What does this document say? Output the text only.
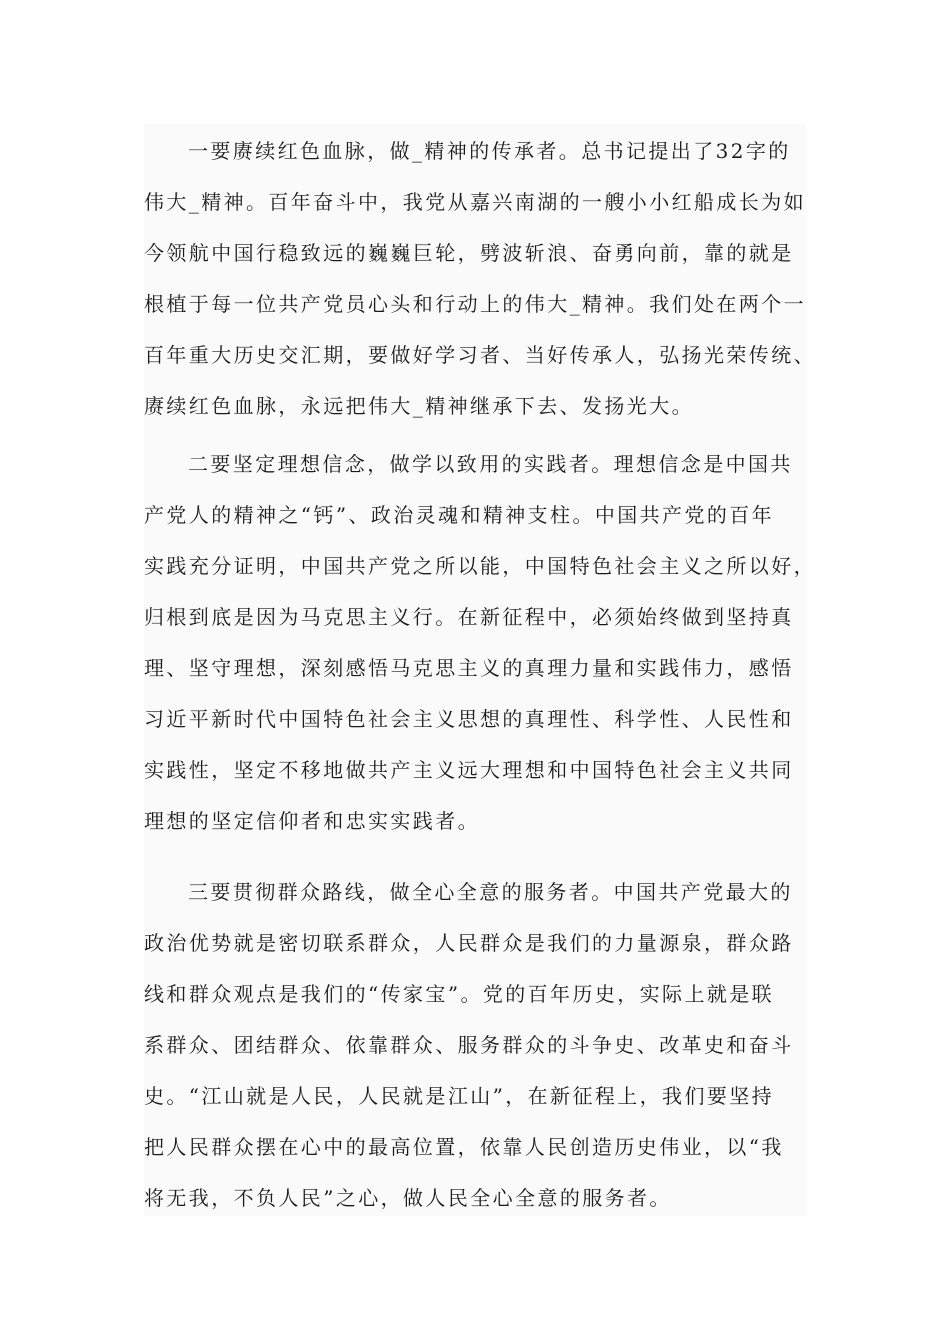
一要赓续红色血脉，做_精神的传承者。总书记提出了32字的
伟大_精神。百年奋斗中，我党从嘉兴南湖的一艘小小红船成长为如
今领航中国行稳致远的巍巍巨轮，劈波斩浪、奋勇向前，靠的就是
根植于每一位共产党员心头和行动上的伟大_精神。我们处在两个一
百年重大历史交汇期，要做好学习者、当好传承人，弘扬光荣传统、
赓续红色血脉，永远把伟大_精神继承下去、发扬光大。
二要坚定理想信念，做学以致用的实践者。理想信念是中国共
产党人的精神之“钙”、政治灵魂和精神支柱。中国共产党的百年
实践充分证明，中国共产党之所以能，中国特色社会主义之所以好，
归根到底是因为马克思主义行。在新征程中，必须始终做到坚持真
理、坚守理想，深刻感悟马克思主义的真理力量和实践伟力，感悟
习近平新时代中国特色社会主义思想的真理性、科学性、人民性和
实践性，坚定不移地做共产主义远大理想和中国特色社会主义共同
理想的坚定信仰者和忠实实践者。
三要贯彻群众路线，做全心全意的服务者。中国共产党最大的
政治优势就是密切联系群众，人民群众是我们的力量源泉，群众路
线和群众观点是我们的“传家宝”。党的百年历史，实际上就是联
系群众、团结群众、依靠群众、服务群众的斗争史、改革史和奋斗
史。“江山就是人民，人民就是江山”，在新征程上，我们要坚持
把人民群众摆在心中的最高位置，依靠人民创造历史伟业，以“我
将无我，不负人民”之心，做人民全心全意的服务者。
